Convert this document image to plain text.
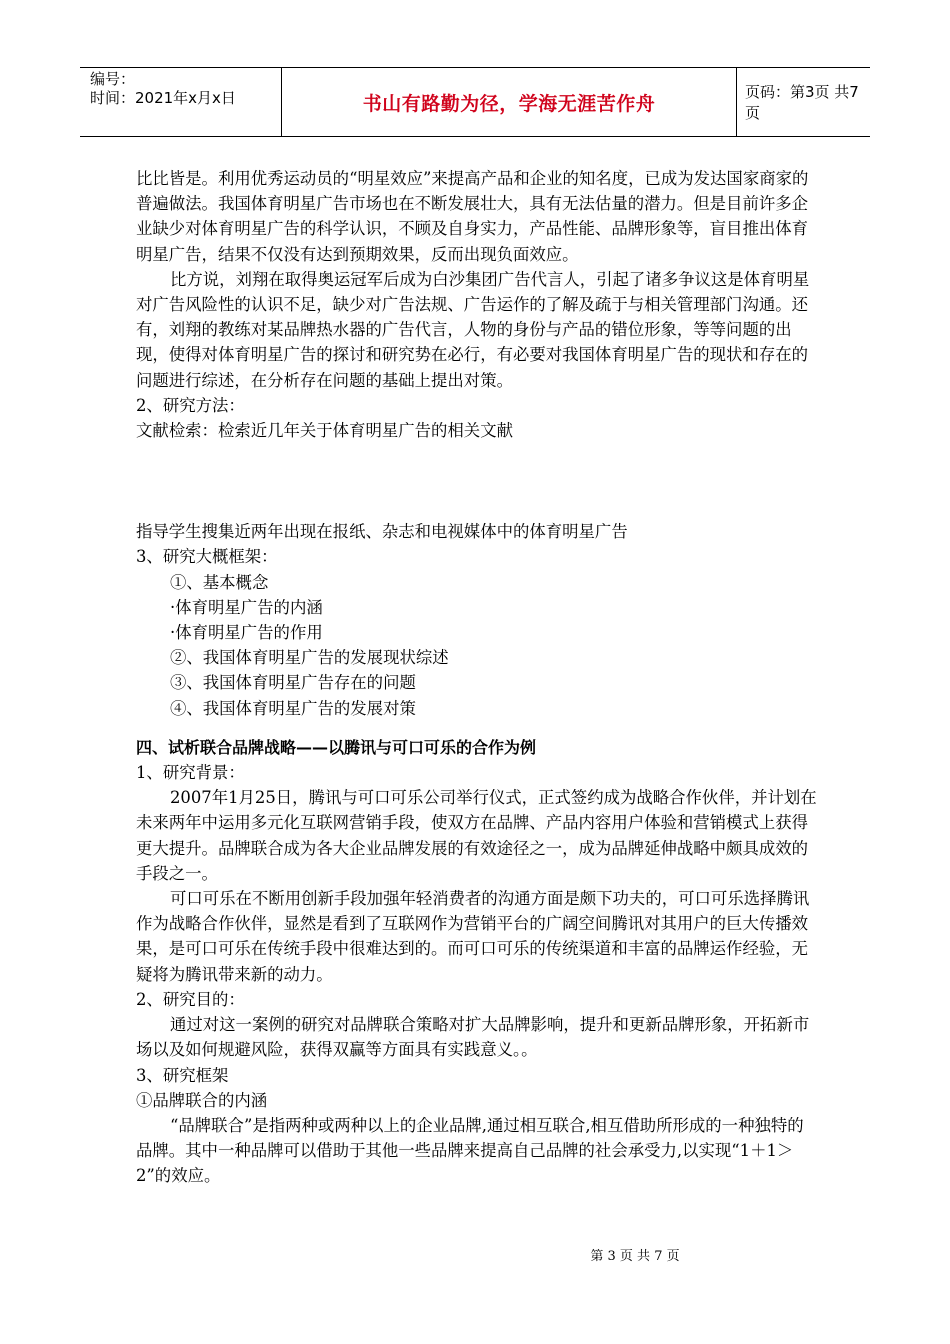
编号：
时间：2021年x月x日	书山有路勤为径，学海无涯苦作舟
页码：第3页 共7页

比比皆是。利用优秀运动员的“明星效应”来提高产品和企业的知名度，已成为发达国家商家的普遍做法。我国体育明星广告市场也在不断发展壮大，具有无法估量的潜力。但是目前许多企业缺少对体育明星广告的科学认识，不顾及自身实力，产品性能、品牌形象等，盲目推出体育明星广告，结果不仅没有达到预期效果，反而出现负面效应。

比方说，刘翔在取得奥运冠军后成为白沙集团广告代言人，引起了诸多争议这是体育明星对广告风险性的认识不足，缺少对广告法规、广告运作的了解及疏于与相关管理部门沟通。还有，刘翔的教练对某品牌热水器的广告代言，人物的身份与产品的错位形象，等等问题的出现，使得对体育明星广告的探讨和研究势在必行，有必要对我国体育明星广告的现状和存在的问题进行综述，在分析存在问题的基础上提出对策。

2、研究方法：

文献检索：检索近几年关于体育明星广告的相关文献

指导学生搜集近两年出现在报纸、杂志和电视媒体中的体育明星广告

3、研究大概框架：

①、基本概念

·体育明星广告的内涵

·体育明星广告的作用

②、我国体育明星广告的发展现状综述

③、我国体育明星广告存在的问题

④、我国体育明星广告的发展对策

四、试析联合品牌战略——以腾讯与可口可乐的合作为例

1、研究背景：

2007年1月25日，腾讯与可口可乐公司举行仪式，正式签约成为战略合作伙伴，并计划在未来两年中运用多元化互联网营销手段，使双方在品牌、产品内容用户体验和营销模式上获得更大提升。品牌联合成为各大企业品牌发展的有效途径之一，成为品牌延伸战略中颇具成效的手段之一。

可口可乐在不断用创新手段加强年轻消费者的沟通方面是颇下功夫的，可口可乐选择腾讯作为战略合作伙伴，显然是看到了互联网作为营销平台的广阔空间腾讯对其用户的巨大传播效果，是可口可乐在传统手段中很难达到的。而可口可乐的传统渠道和丰富的品牌运作经验，无疑将为腾讯带来新的动力。

2、研究目的：

通过对这一案例的研究对品牌联合策略对扩大品牌影响，提升和更新品牌形象，开拓新市场以及如何规避风险，获得双赢等方面具有实践意义。。

3、研究框架

①品牌联合的内涵

“品牌联合”是指两种或两种以上的企业品牌,通过相互联合,相互借助所形成的一种独特的品牌。其中一种品牌可以借助于其他一些品牌来提高自己品牌的社会承受力,以实现“1＋1＞2”的效应。

第 3 页 共 7 页
